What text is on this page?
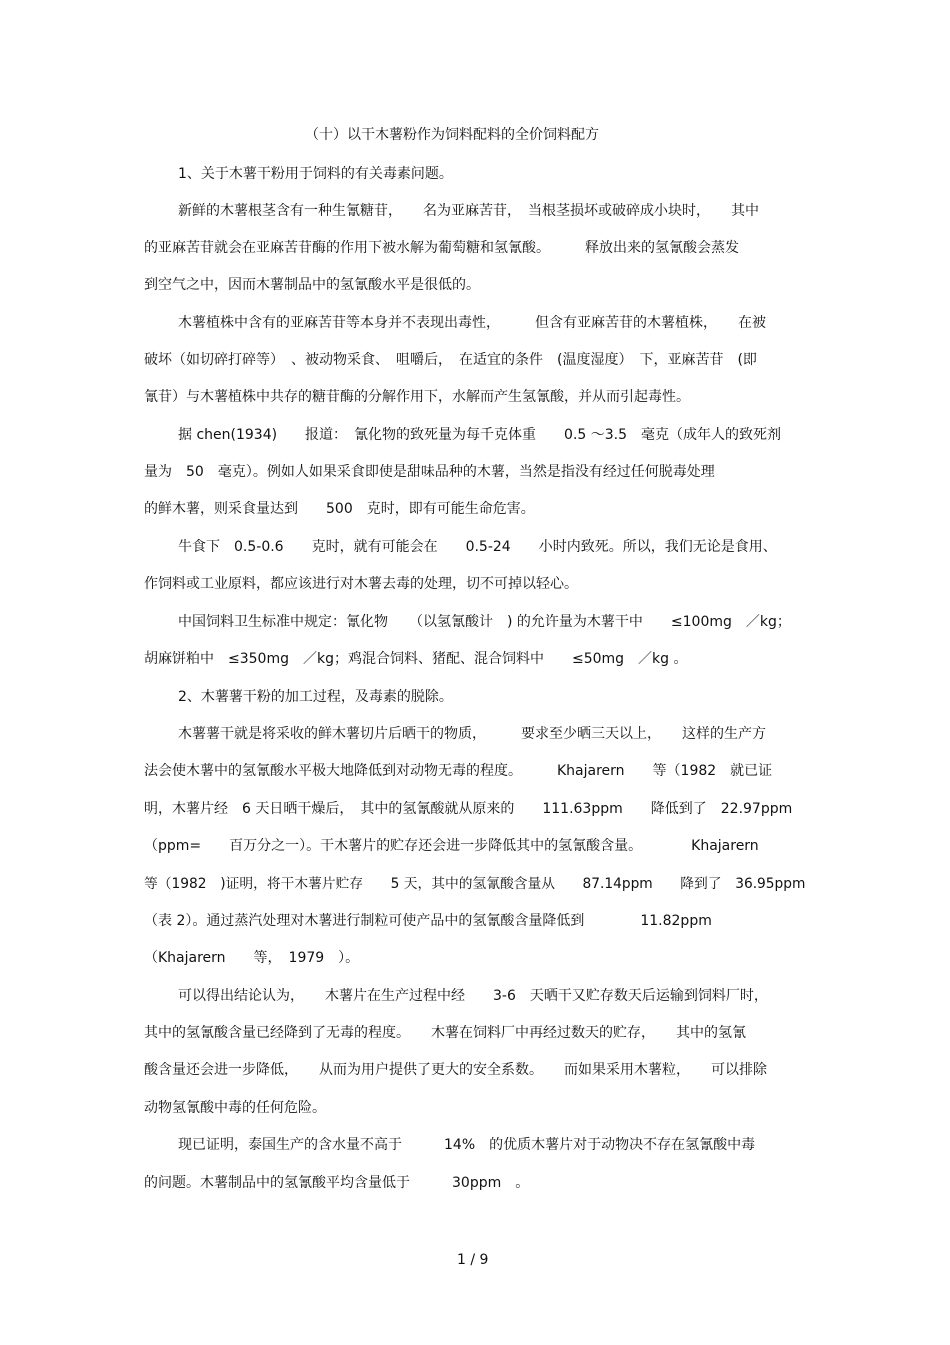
（十）以干木薯粉作为饲料配料的全价饲料配方
1、关于木薯干粉用于饲料的有关毒素问题。
新鲜的木薯根茎含有一种生氰糖苷，　　名为亚麻苦苷，　当根茎损坏或破碎成小块时，　　其中
的亚麻苦苷就会在亚麻苦苷酶的作用下被水解为葡萄糖和氢氰酸。　　　释放出来的氢氰酸会蒸发
到空气之中，因而木薯制品中的氢氰酸水平是很低的。
木薯植株中含有的亚麻苦苷等本身并不表现出毒性，　　　但含有亚麻苦苷的木薯植株，　　在被
破坏（如切碎打碎等）　、被动物采食、　咀嚼后，　在适宜的条件　(温度湿度）　下，亚麻苦苷　(即
氰苷）与木薯植株中共存的糖苷酶的分解作用下，水解而产生氢氰酸，并从而引起毒性。
据 chen(1934)　　报道：　氰化物的致死量为每千克体重　　0.5 ～3.5　毫克（成年人的致死剂
量为　50　毫克）。例如人如果采食即使是甜味品种的木薯，当然是指没有经过任何脱毒处理
的鲜木薯，则采食量达到　　500　克时，即有可能生命危害。
牛食下　0.5-0.6　　克时，就有可能会在　　0.5-24　　小时内致死。所以，我们无论是食用、
作饲料或工业原料，都应该进行对木薯去毒的处理，切不可掉以轻心。
中国饲料卫生标准中规定：氰化物　　（以氢氰酸计　) 的允许量为木薯干中　　≤100mg　／kg；
胡麻饼粕中　≤350mg　／kg；鸡混合饲料、猪配、混合饲料中　　≤50mg　／kg 。
2、木薯薯干粉的加工过程，及毒素的脱除。
木薯薯干就是将采收的鲜木薯切片后晒干的物质，　　　要求至少晒三天以上，　　这样的生产方
法会使木薯中的氢氰酸水平极大地降低到对动物无毒的程度。　　　Khajarern　　等（1982　就已证
明，木薯片经　6 天日晒干燥后，　其中的氢氰酸就从原来的　　111.63ppm　　降低到了　22.97ppm
（ppm=　　百万分之一）。干木薯片的贮存还会进一步降低其中的氢氰酸含量。　　　　Khajarern
等（1982　)证明，将干木薯片贮存　　5 天，其中的氢氰酸含量从　　87.14ppm　　降到了　36.95ppm
（表 2）。通过蒸汽处理对木薯进行制粒可使产品中的氢氰酸含量降低到　　　　11.82ppm
（Khajarern　　等，　1979　）。
可以得出结论认为，　　木薯片在生产过程中经　　3-6　天晒干又贮存数天后运输到饲料厂时，
其中的氢氰酸含量已经降到了无毒的程度。　　木薯在饲料厂中再经过数天的贮存，　　其中的氢氰
酸含量还会进一步降低，　　从而为用户提供了更大的安全系数。　　而如果采用木薯粒，　　可以排除
动物氢氰酸中毒的任何危险。
现已证明，泰国生产的含水量不高于　　　14%　的优质木薯片对于动物决不存在氢氰酸中毒
的问题。木薯制品中的氢氰酸平均含量低于　　　30ppm　。
1 / 9
